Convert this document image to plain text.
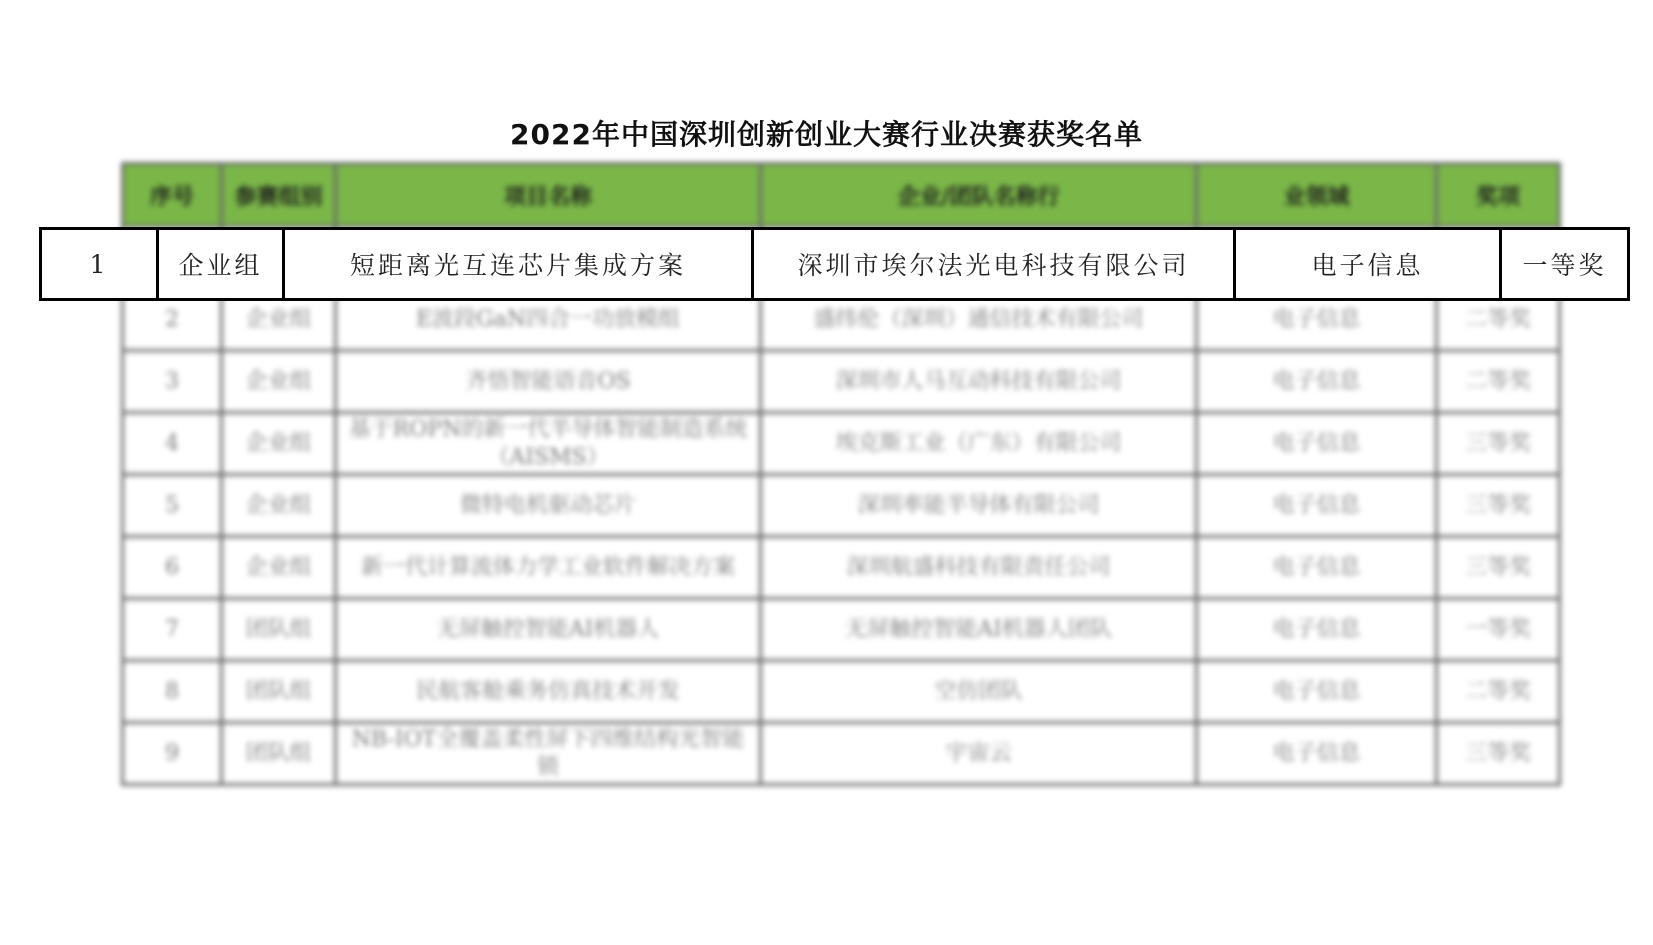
2022年中国深圳创新创业大赛行业决赛获奖名单
序号	参赛组别	项目名称	企业/团队名称行	业领域	奖项

2	企业组	E波段GaN四合一功放模组	盛纬伦（深圳）通信技术有限公司	电子信息	二等奖
3	企业组	齐悟智能语音OS	深圳市人马互动科技有限公司	电子信息	二等奖
4	企业组	基于ROPN的新一代半导体智能制造系统（AISMS）	埃克斯工业（广东）有限公司	电子信息	三等奖
5	企业组	微特电机驱动芯片	深圳率能半导体有限公司	电子信息	三等奖
6	企业组	新一代计算流体力学工业软件解决方案	深圳航盛科技有限责任公司	电子信息	三等奖
7	团队组	无屏触控智能AI机器人	无屏触控智能AI机器人团队	电子信息	一等奖
8	团队组	民航客舱乘务仿真技术开发	空仿团队	电子信息	二等奖
9	团队组	NB-IOT全覆盖柔性屏下四维结构光智能锁	宇宙云	电子信息	三等奖
1	企业组	短距离光互连芯片集成方案	深圳市埃尔法光电科技有限公司	电子信息	一等奖
